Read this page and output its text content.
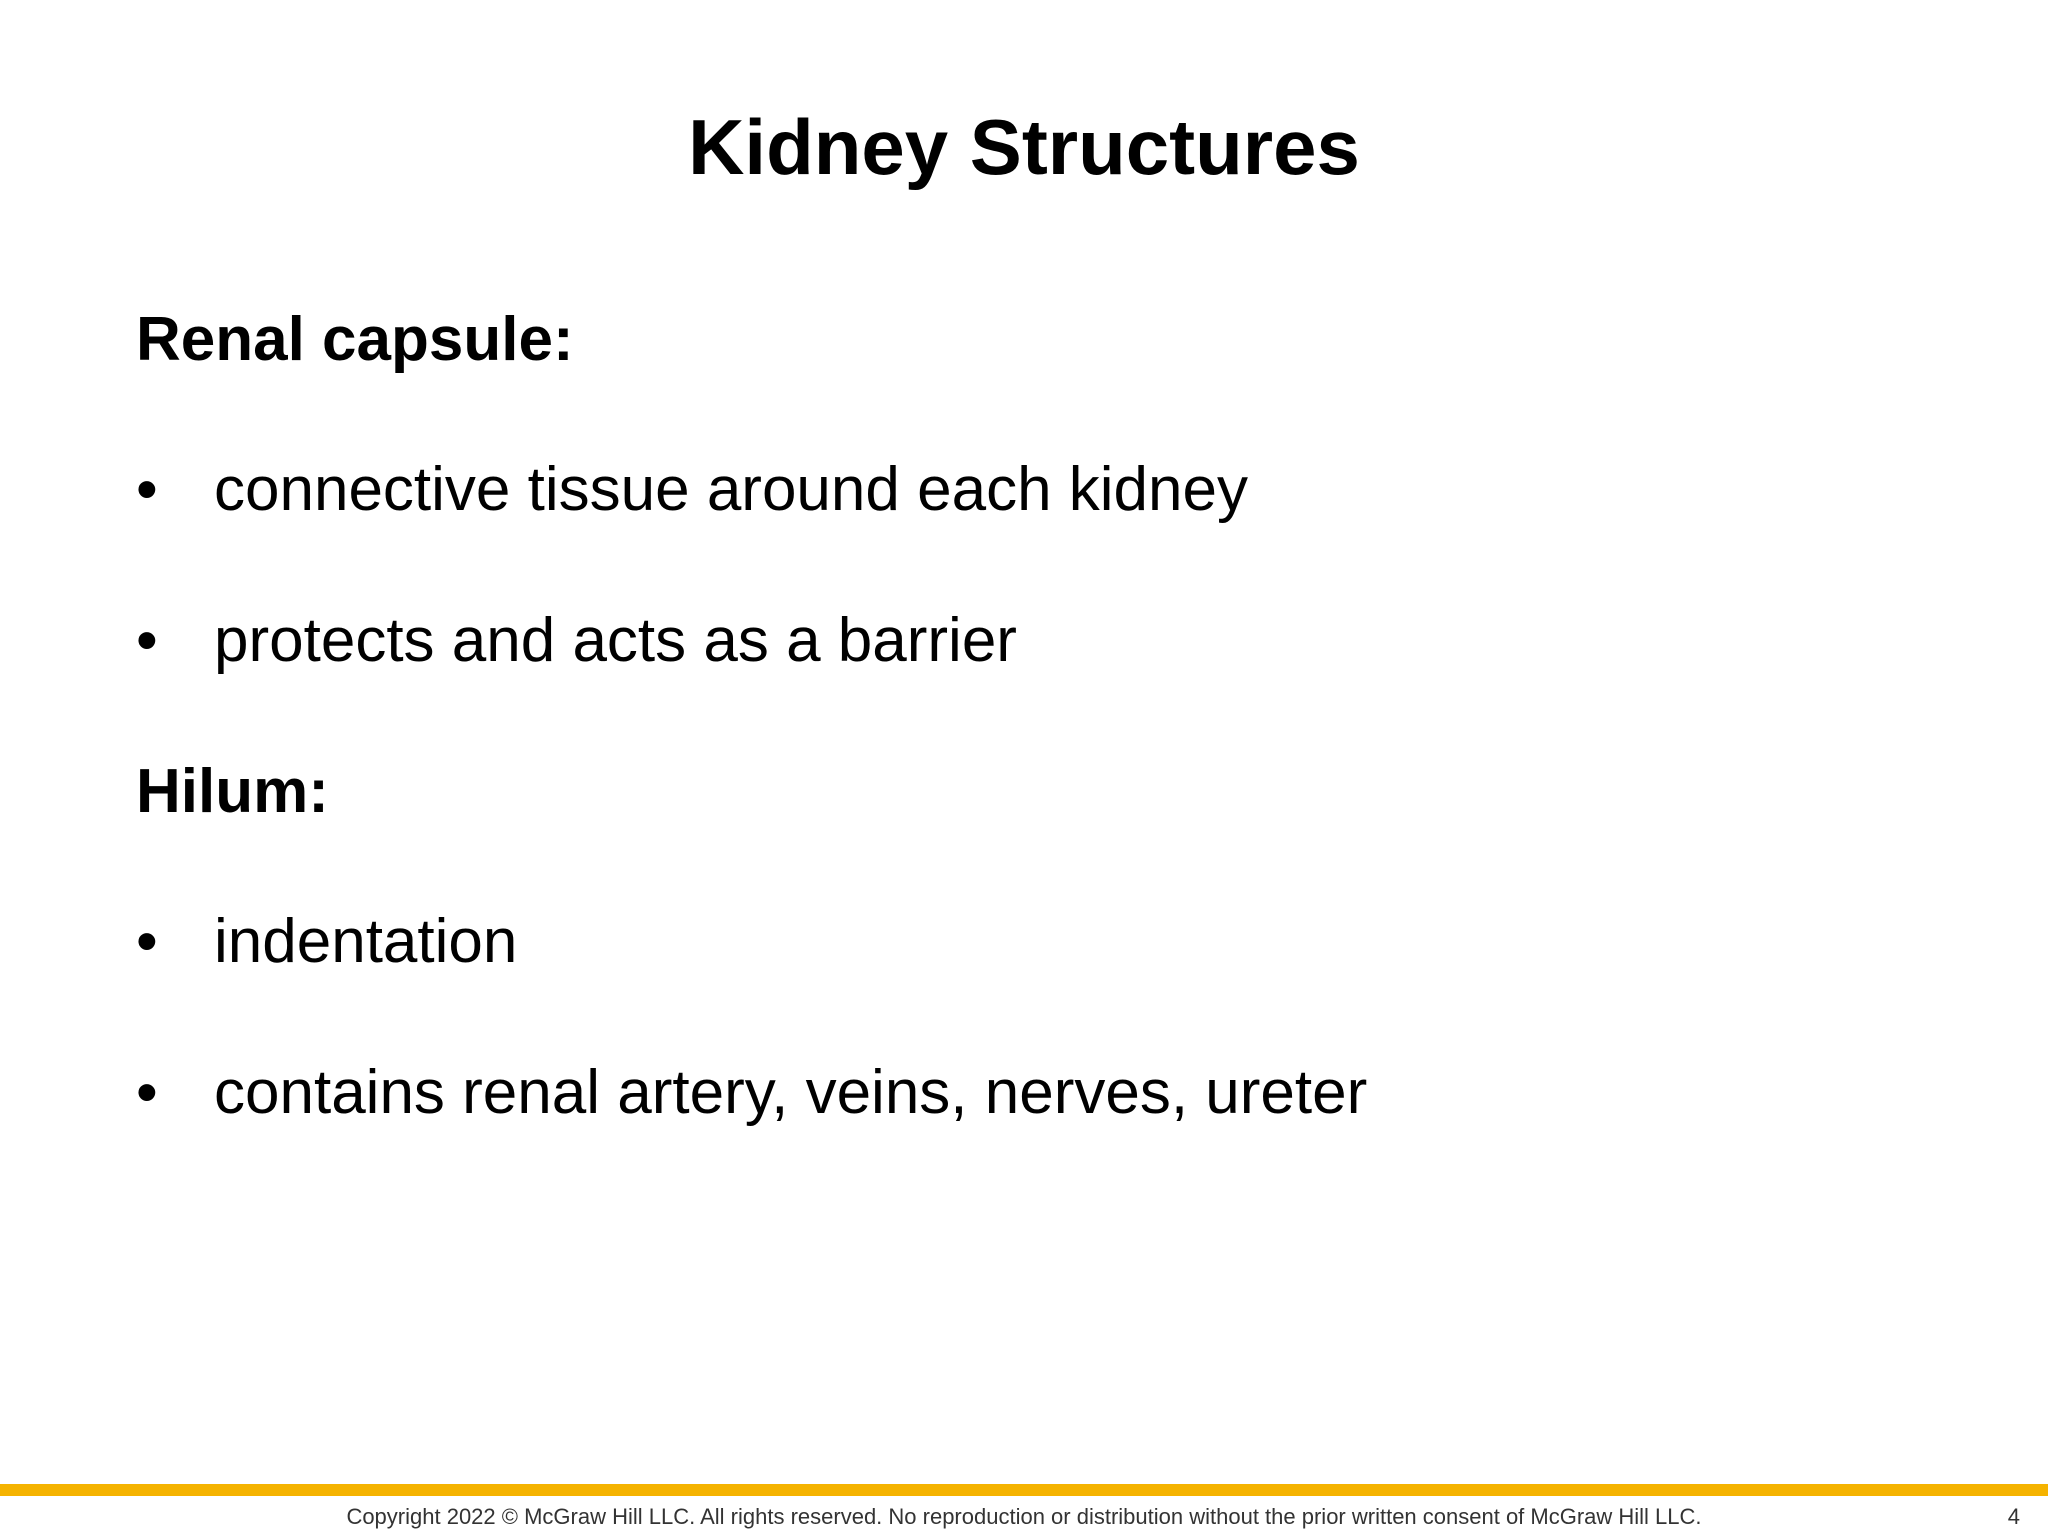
Kidney Structures
Renal capsule:
• connective tissue around each kidney
• protects and acts as a barrier
Hilum:
• indentation
• contains renal artery, veins, nerves, ureter
Copyright 2022 © McGraw Hill LLC. All rights reserved. No reproduction or distribution without the prior written consent of McGraw Hill LLC.	4
